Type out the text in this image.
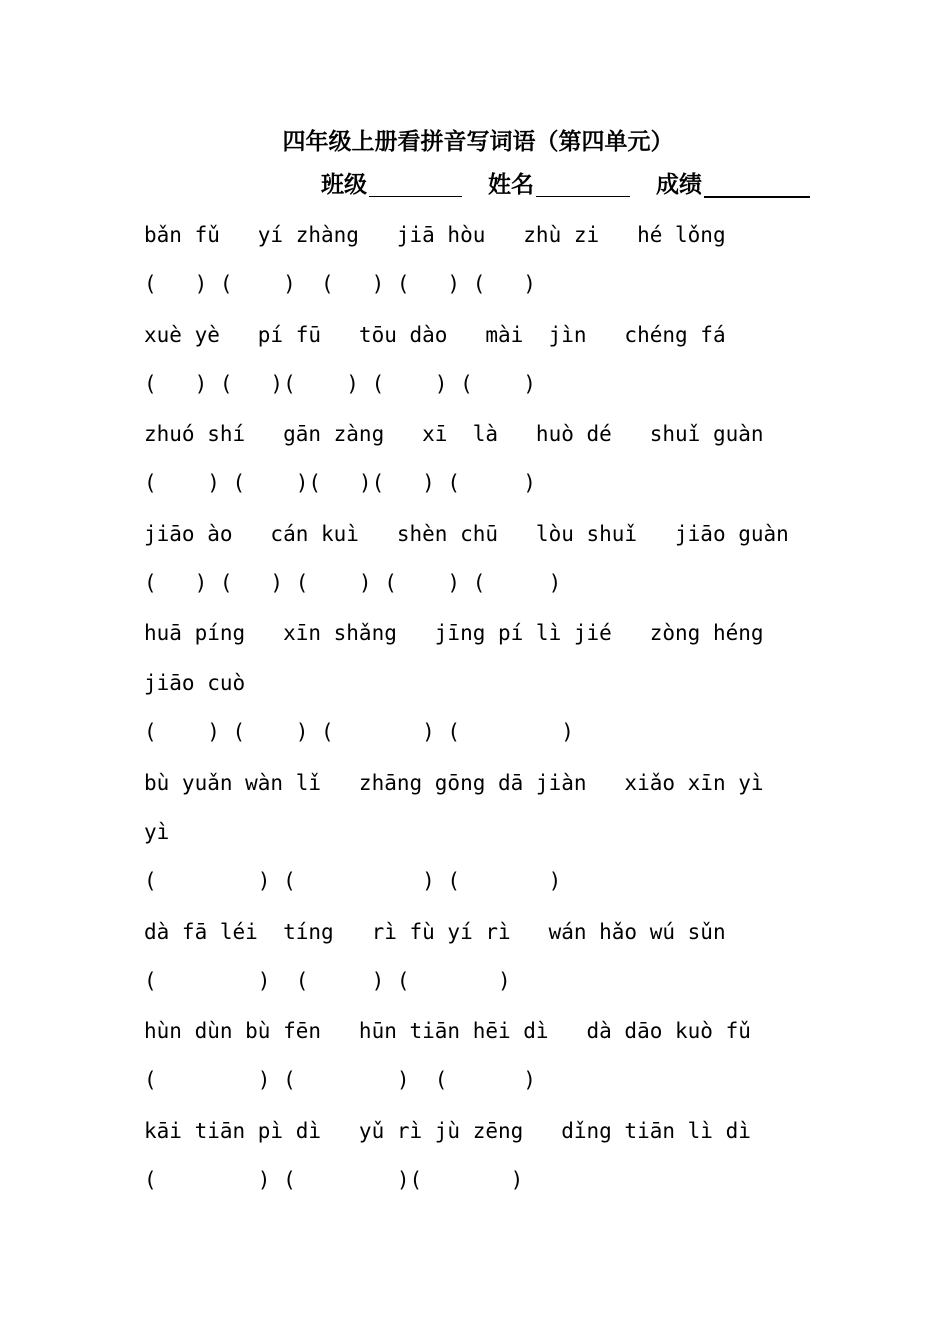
四年级上册看拼音写词语（第四单元）
班级	姓名	成绩
bǎn fǔ   yí zhàng   jiā hòu   zhù zi   hé lǒng
(   ) (    )  (   ) (   ) (   )
xuè yè   pí fū   tōu dào   mài  jìn   chéng fá
(   ) (   )(    ) (    ) (    )
zhuó shí   gān zàng   xī  là   huò dé   shuǐ guàn
(    ) (    )(   )(   ) (     )
jiāo ào   cán kuì   shèn chū   lòu shuǐ   jiāo guàn
(   ) (   ) (    ) (    ) (     )
huā píng   xīn shǎng   jīng pí lì jié   zòng héng
jiāo cuò
(    ) (    ) (       ) (        )
bù yuǎn wàn lǐ   zhāng gōng dā jiàn   xiǎo xīn yì
yì
(        ) (          ) (       )
dà fā léi  tíng   rì fù yí rì   wán hǎo wú sǔn
(        )  (     ) (       )
hùn dùn bù fēn   hūn tiān hēi dì   dà dāo kuò fǔ
(        ) (        )  (      )
kāi tiān pì dì   yǔ rì jù zēng   dǐng tiān lì dì
(        ) (        )(       )
